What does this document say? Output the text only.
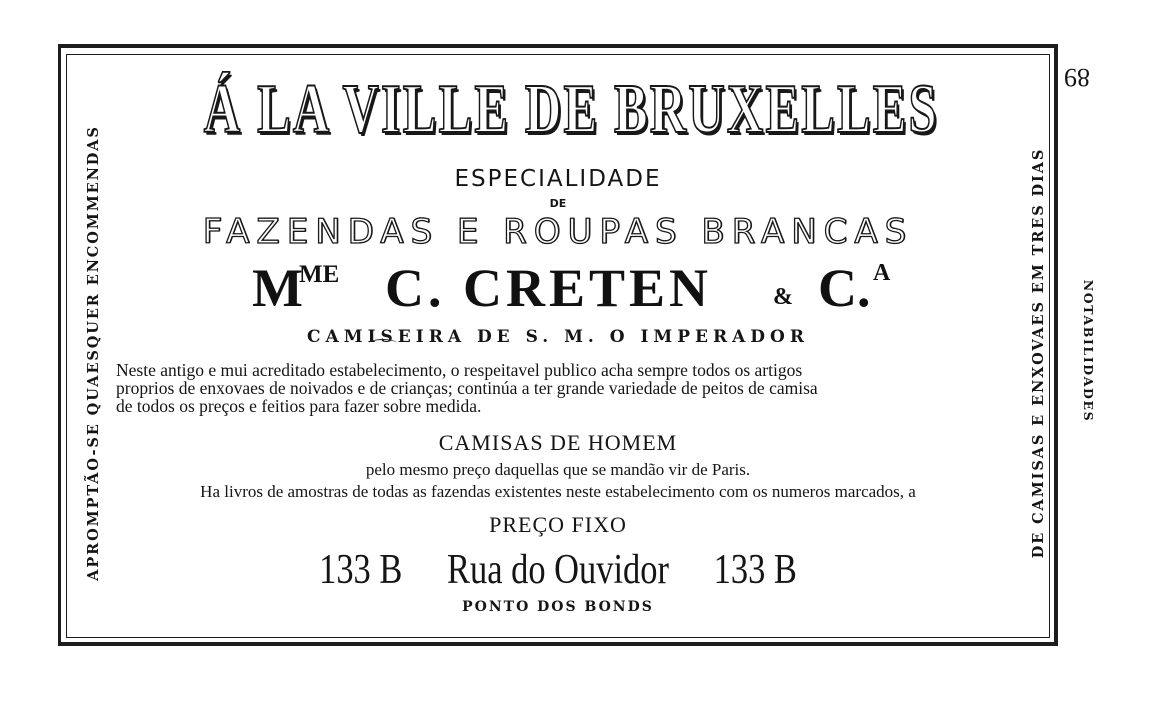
89
NOTABILIDADES
APROMPTÃO-SE QUAESQUER ENCOMMENDAS	DE CAMISAS E ENXOVAES EM TRES DIAS
Á LA VILLE DE BRUXELLES
ESPECIALIDADE
DE
FAZENDAS E ROUPAS BRANCAS
M
ME C. CRETEN	& C. A
CAMISEIRA DE S. M. O IMPERADOR
Neste antigo e mui acreditado estabelecimento, o respeitavel publico acha sempre todos os artigos
proprios de enxovaes de noivados e de crianças; continúa a ter grande variedade de peitos de camisa
de todos os preços e feitios para fazer sobre medida.
CAMISAS DE HOMEM
pelo mesmo preço daquellas que se mandão vir de Paris.
Ha livros de amostras de todas as fazendas existentes neste estabelecimento com os numeros marcados, a
PREÇO FIXO
133 B Rua do Ouvidor 133 B
PONTO DOS BONDS
